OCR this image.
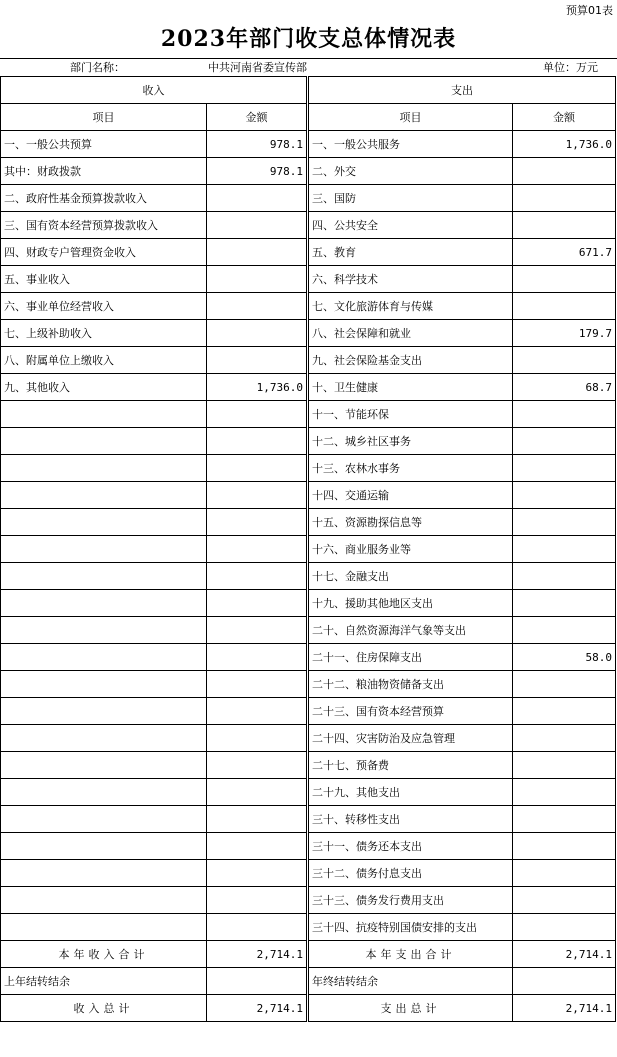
预算01表
2023年部门收支总体情况表
部门名称：	中共河南省委宣传部	单位：万元
收入		支出	
项目	金额	项目	金额
一、一般公共预算	978.1	一、一般公共服务	1,736.0
其中：财政拨款	978.1	二、外交	
二、政府性基金预算拨款收入		三、国防	
三、国有资本经营预算拨款收入		四、公共安全	
四、财政专户管理资金收入		五、教育	671.7
五、事业收入		六、科学技术	
六、事业单位经营收入		七、文化旅游体育与传媒	
七、上级补助收入		八、社会保障和就业	179.7
八、附属单位上缴收入		九、社会保险基金支出	
九、其他收入	1,736.0	十、卫生健康	68.7
		十一、节能环保	
		十二、城乡社区事务	
		十三、农林水事务	
		十四、交通运输	
		十五、资源勘探信息等	
		十六、商业服务业等	
		十七、金融支出	
		十九、援助其他地区支出	
		二十、自然资源海洋气象等支出	
		二十一、住房保障支出	58.0
		二十二、粮油物资储备支出	
		二十三、国有资本经营预算	
		二十四、灾害防治及应急管理	
		二十七、预备费	
		二十九、其他支出	
		三十、转移性支出	
		三十一、债务还本支出	
		三十二、债务付息支出	
		三十三、债务发行费用支出	
		三十四、抗疫特别国债安排的支出	
本年收入合计	2,714.1	本年支出合计	2,714.1
上年结转结余		年终结转结余	
收入总计	2,714.1	支出总计	2,714.1
